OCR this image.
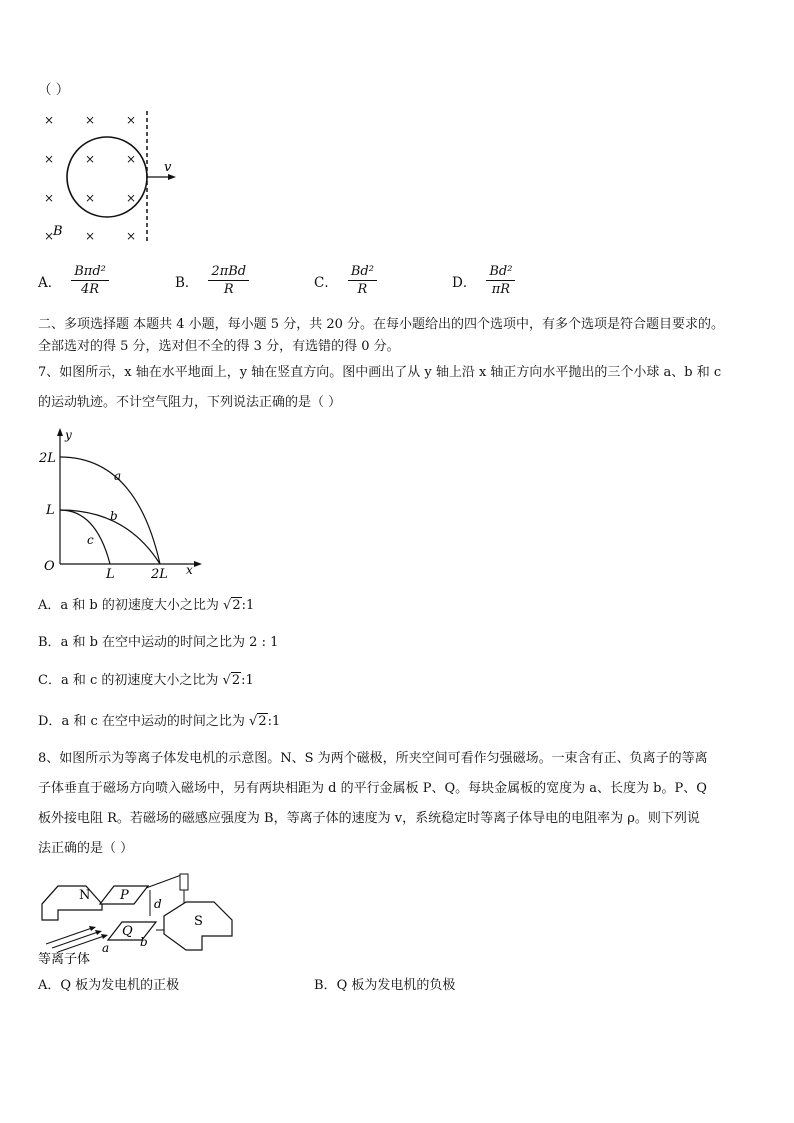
（ ）
×	×	×
×	×	×
×	×	×
×	×	×
v
B
A． $\frac{\text{Bπd²}}{4R}$	B． $\frac{\text{2πBd}}{R}$	C． $\frac{\text{Bd²}}{R}$	D． $\frac{\text{Bd²}}{\pi R}$
二、多项选择题 本题共 4 小题，每小题 5 分，共 20 分。在每小题给出的四个选项中，有多个选项是符合题目要求的。
全部选对的得 5 分，选对但不全的得 3 分，有选错的得 0 分。
7、如图所示，x 轴在水平地面上，y 轴在竖直方向。图中画出了从 y 轴上沿 x 轴正方向水平抛出的三个小球 a、b 和 c
的运动轨迹。不计空气阻力，下列说法正确的是（ ）
y
x
O
2L
L
L	2L
a
b
c
A．a 和 b 的初速度大小之比为 √2:1
B．a 和 b 在空中运动的时间之比为 2 : 1
C．a 和 c 的初速度大小之比为 √2:1
D．a 和 c 在空中运动的时间之比为 √2:1
8、如图所示为等离子体发电机的示意图。N、S 为两个磁极，所夹空间可看作匀强磁场。一束含有正、负离子的等离
子体垂直于磁场方向喷入磁场中，另有两块相距为 d 的平行金属板 P、Q。每块金属板的宽度为 a、长度为 b。P、Q
板外接电阻 R。若磁场的磁感应强度为 B，等离子体的速度为 v，系统稳定时等离子体导电的电阻率为 ρ。则下列说
法正确的是（ ）
N P
d
Q
S
a	b
等离子体
A．Q 板为发电机的正极	B．Q 板为发电机的负极
